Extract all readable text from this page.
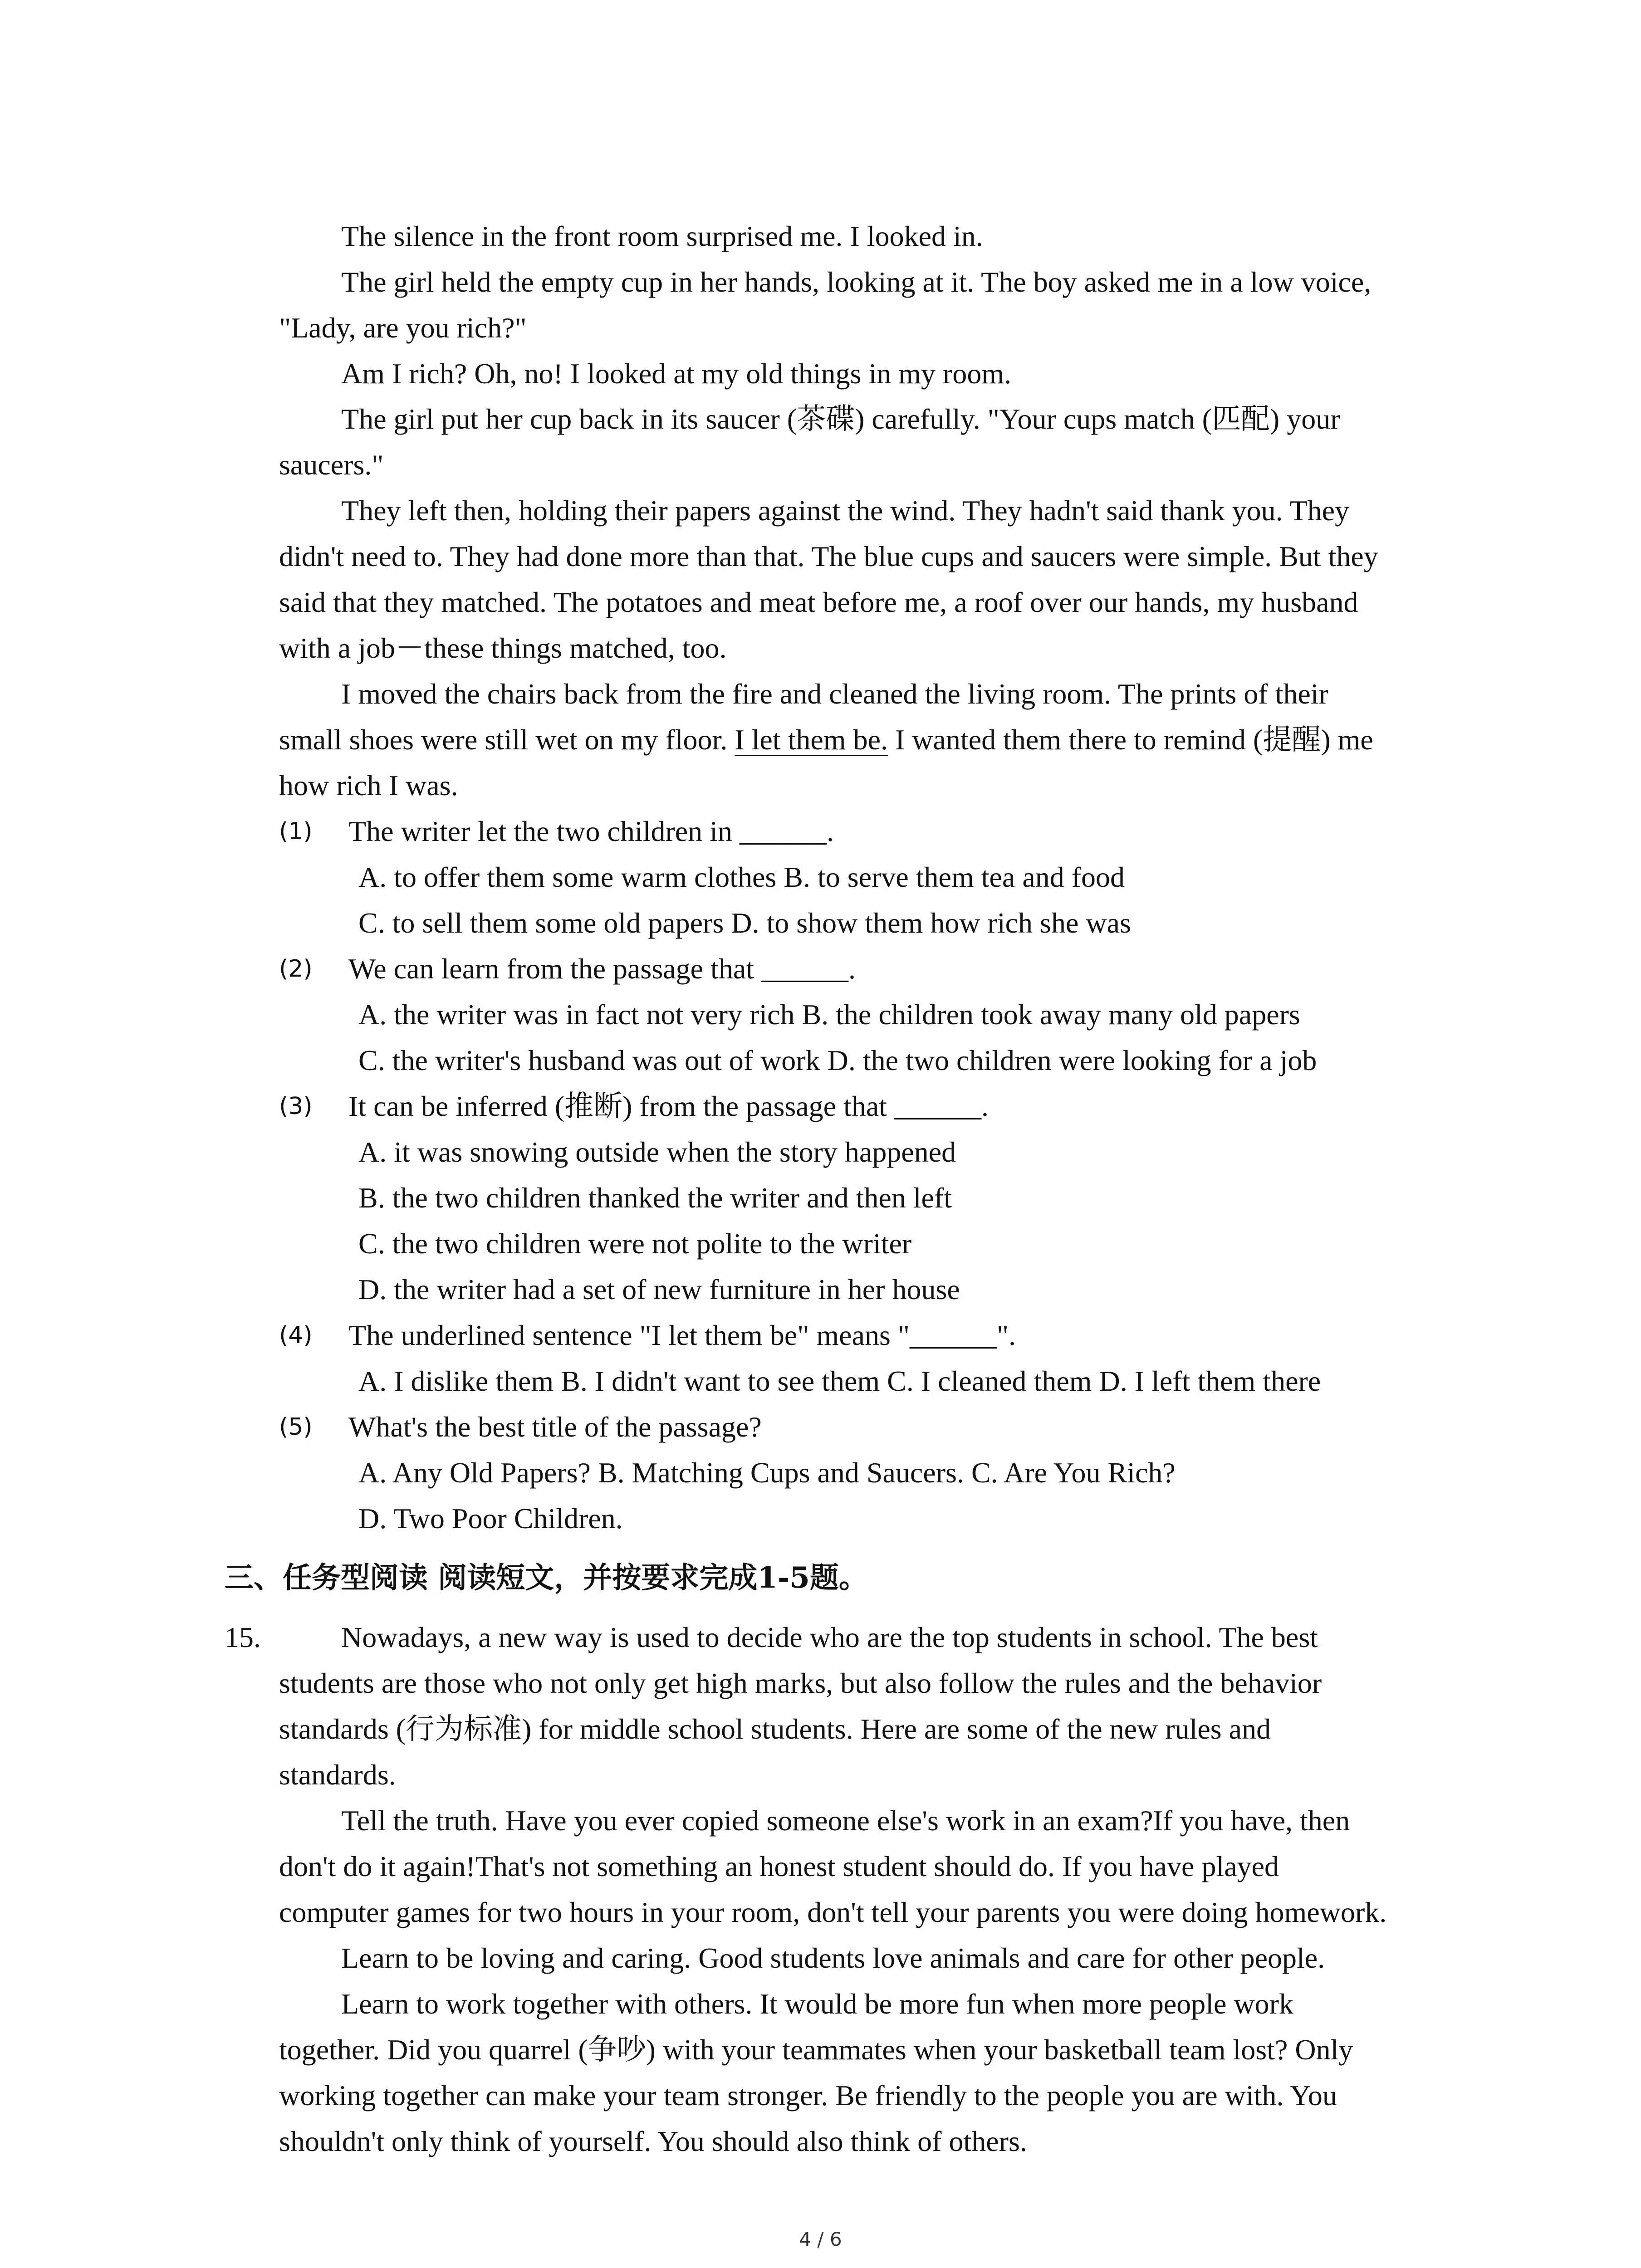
The silence in the front room surprised me. I looked in.
The girl held the empty cup in her hands, looking at it. The boy asked me in a low voice,
"Lady, are you rich?"
Am I rich? Oh, no! I looked at my old things in my room.
The girl put her cup back in its saucer (茶碟) carefully. "Your cups match (匹配) your
saucers."
They left then, holding their papers against the wind. They hadn't said thank you. They
didn't need to. They had done more than that. The blue cups and saucers were simple. But they
said that they matched. The potatoes and meat before me, a roof over our hands, my husband
with a job－these things matched, too.
I moved the chairs back from the fire and cleaned the living room. The prints of their
small shoes were still wet on my floor. I let them be. I wanted them there to remind (提醒) me
how rich I was.
(1) The writer let the two children in ______.
A. to offer them some warm clothes B. to serve them tea and food
C. to sell them some old papers D. to show them how rich she was
(2) We can learn from the passage that ______.
A. the writer was in fact not very rich B. the children took away many old papers
C. the writer's husband was out of work D. the two children were looking for a job
(3) It can be inferred (推断) from the passage that ______.
A. it was snowing outside when the story happened
B. the two children thanked the writer and then left
C. the two children were not polite to the writer
D. the writer had a set of new furniture in her house
(4) The underlined sentence "I let them be" means "______".
A. I dislike them B. I didn't want to see them C. I cleaned them D. I left them there
(5) What's the best title of the passage?
A. Any Old Papers? B. Matching Cups and Saucers. C. Are You Rich?
D. Two Poor Children.
三、任务型阅读 阅读短文，并按要求完成1-5题。
15.	Nowadays, a new way is used to decide who are the top students in school. The best
students are those who not only get high marks, but also follow the rules and the behavior
standards (行为标准) for middle school students. Here are some of the new rules and
standards.
Tell the truth. Have you ever copied someone else's work in an exam?If you have, then
don't do it again!That's not something an honest student should do. If you have played
computer games for two hours in your room, don't tell your parents you were doing homework.
Learn to be loving and caring. Good students love animals and care for other people.
Learn to work together with others. It would be more fun when more people work
together. Did you quarrel (争吵) with your teammates when your basketball team lost? Only
working together can make your team stronger. Be friendly to the people you are with. You
shouldn't only think of yourself. You should also think of others.
4 / 6
